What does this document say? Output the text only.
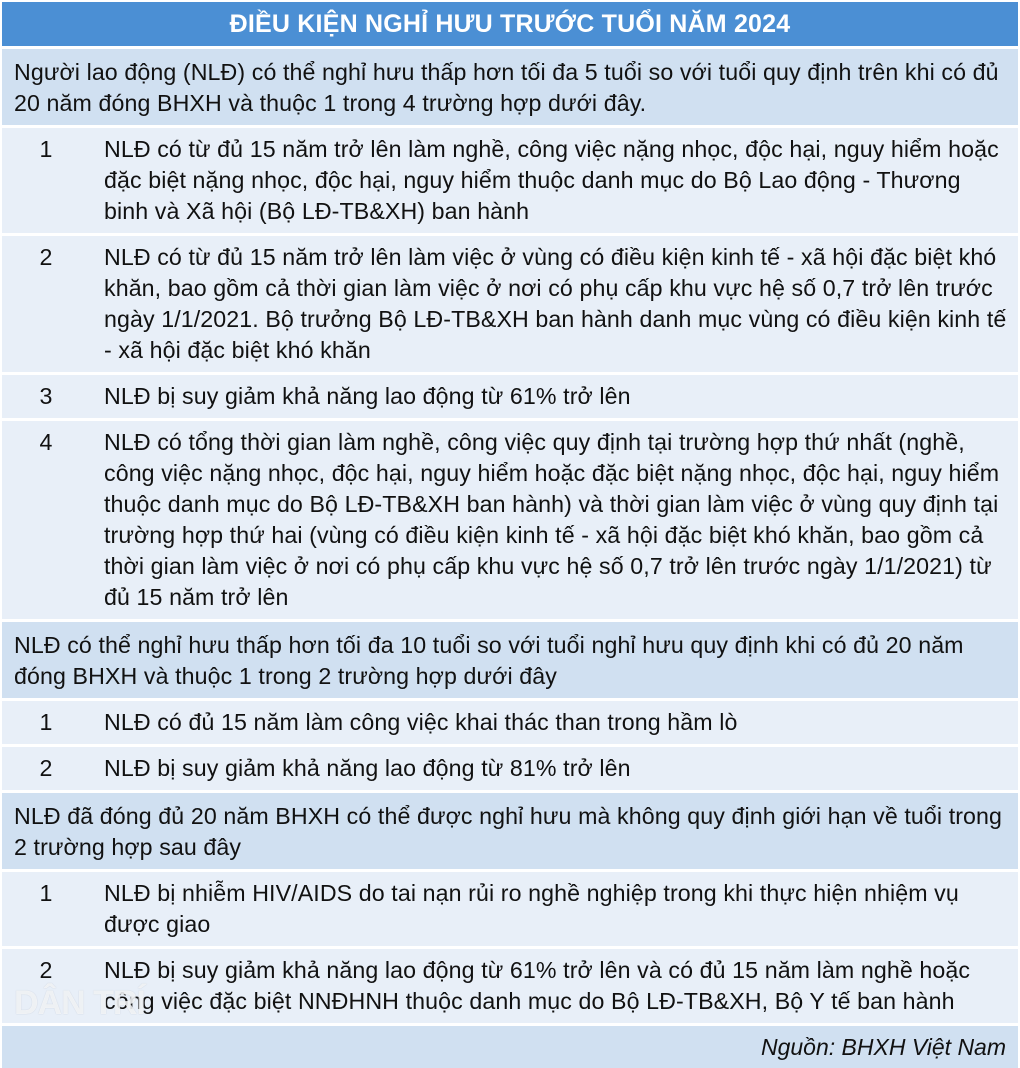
ĐIỀU KIỆN NGHỈ HƯU TRƯỚC TUỔI NĂM 2024
Người lao động (NLĐ) có thể nghỉ hưu thấp hơn tối đa 5 tuổi so với tuổi quy định trên khi có đủ 20 năm đóng BHXH và thuộc 1 trong 4 trường hợp dưới đây.
1	NLĐ có từ đủ 15 năm trở lên làm nghề, công việc nặng nhọc, độc hại, nguy hiểm hoặc đặc biệt nặng nhọc, độc hại, nguy hiểm thuộc danh mục do Bộ Lao động - Thương binh và Xã hội (Bộ LĐ-TB&XH) ban hành
2	NLĐ có từ đủ 15 năm trở lên làm việc ở vùng có điều kiện kinh tế - xã hội đặc biệt khó khăn, bao gồm cả thời gian làm việc ở nơi có phụ cấp khu vực hệ số 0,7 trở lên trước ngày 1/1/2021. Bộ trưởng Bộ LĐ-TB&XH ban hành danh mục vùng có điều kiện kinh tế - xã hội đặc biệt khó khăn
3	NLĐ bị suy giảm khả năng lao động từ 61% trở lên
4	NLĐ có tổng thời gian làm nghề, công việc quy định tại trường hợp thứ nhất (nghề, công việc nặng nhọc, độc hại, nguy hiểm hoặc đặc biệt nặng nhọc, độc hại, nguy hiểm thuộc danh mục do Bộ LĐ-TB&XH ban hành) và thời gian làm việc ở vùng quy định tại trường hợp thứ hai (vùng có điều kiện kinh tế - xã hội đặc biệt khó khăn, bao gồm cả thời gian làm việc ở nơi có phụ cấp khu vực hệ số 0,7 trở lên trước ngày 1/1/2021) từ đủ 15 năm trở lên
NLĐ có thể nghỉ hưu thấp hơn tối đa 10 tuổi so với tuổi nghỉ hưu quy định khi có đủ 20 năm đóng BHXH và thuộc 1 trong 2 trường hợp dưới đây
1	NLĐ có đủ 15 năm làm công việc khai thác than trong hầm lò
2	NLĐ bị suy giảm khả năng lao động từ 81% trở lên
NLĐ đã đóng đủ 20 năm BHXH có thể được nghỉ hưu mà không quy định giới hạn về tuổi trong 2 trường hợp sau đây
1	NLĐ bị nhiễm HIV/AIDS do tai nạn rủi ro nghề nghiệp trong khi thực hiện nhiệm vụ được giao
2	NLĐ bị suy giảm khả năng lao động từ 61% trở lên và có đủ 15 năm làm nghề hoặc công việc đặc biệt NNĐHNH thuộc danh mục do Bộ LĐ-TB&XH, Bộ Y tế ban hành
Nguồn: BHXH Việt Nam
DÂN TRÍ
